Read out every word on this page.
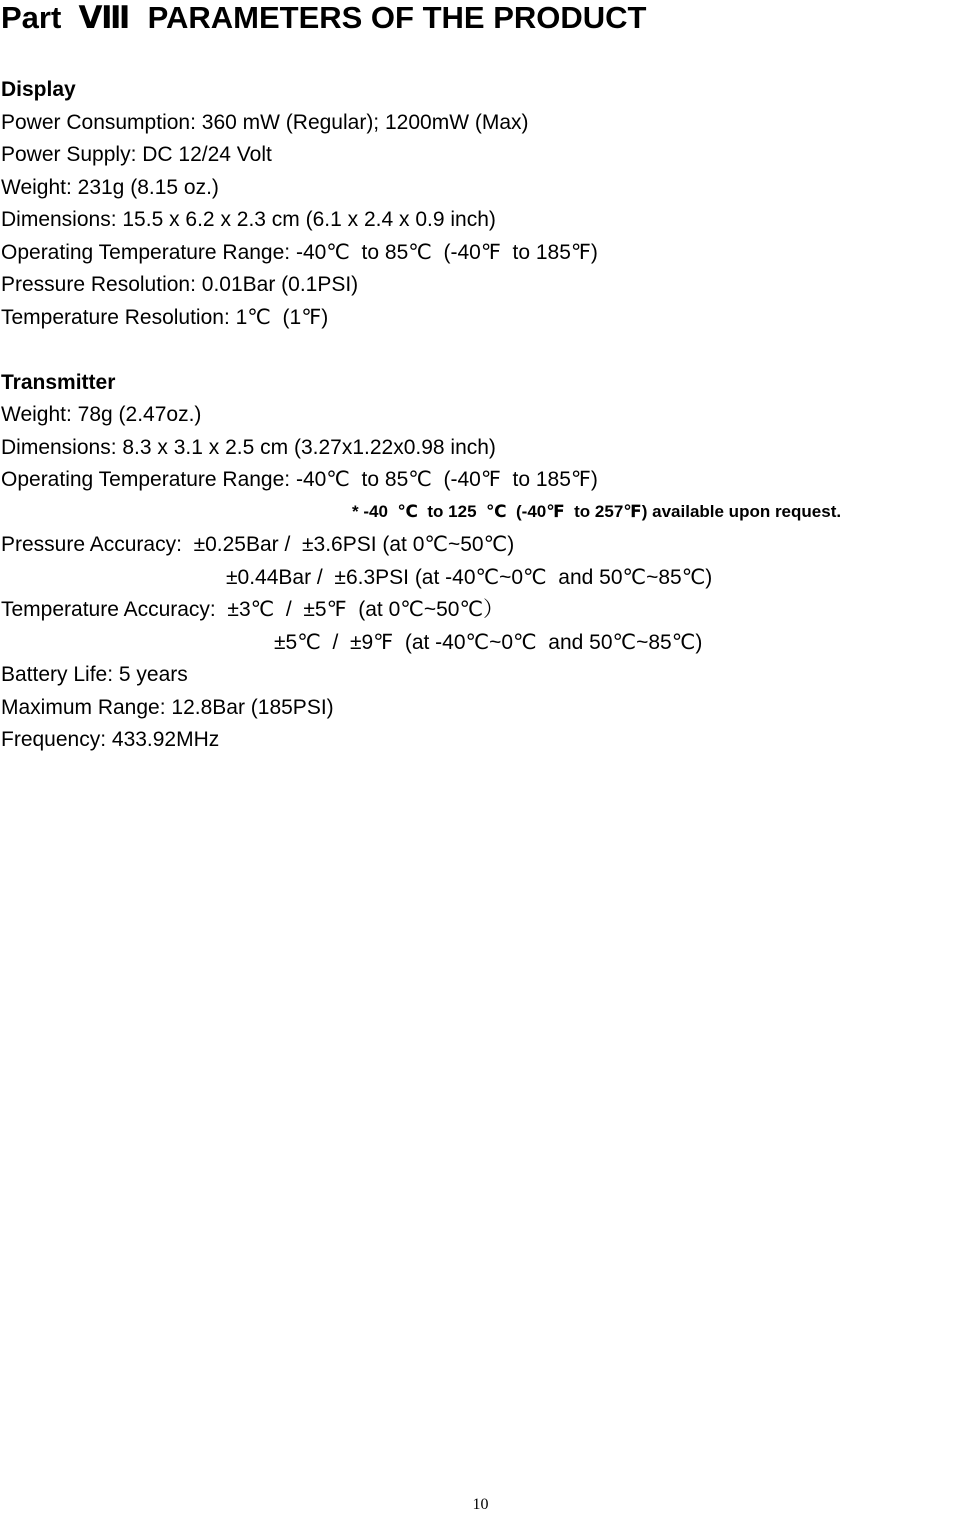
Part  Ⅷ  PARAMETERS OF THE PRODUCT
Display
Power Consumption: 360 mW (Regular); 1200mW (Max)
Power Supply: DC 12/24 Volt
Weight: 231g (8.15 oz.)
Dimensions: 15.5 x 6.2 x 2.3 cm (6.1 x 2.4 x 0.9 inch)
Operating Temperature Range: -40℃  to 85℃  (-40℉  to 185℉)
Pressure Resolution: 0.01Bar (0.1PSI)
Temperature Resolution: 1℃  (1℉)
Transmitter
Weight: 78g (2.47oz.)
Dimensions: 8.3 x 3.1 x 2.5 cm (3.27x1.22x0.98 inch)
Operating Temperature Range: -40℃  to 85℃  (-40℉  to 185℉)
* -40  ℃  to 125  ℃  (-40℉  to 257℉) available upon request.
Pressure Accuracy:  ±0.25Bar /  ±3.6PSI (at 0℃~50℃)
±0.44Bar /  ±6.3PSI (at -40℃~0℃  and 50℃~85℃)
Temperature Accuracy:  ±3℃  /  ±5℉  (at 0℃~50℃）
±5℃  /  ±9℉  (at -40℃~0℃  and 50℃~85℃)
Battery Life: 5 years
Maximum Range: 12.8Bar (185PSI)
Frequency: 433.92MHz
10
